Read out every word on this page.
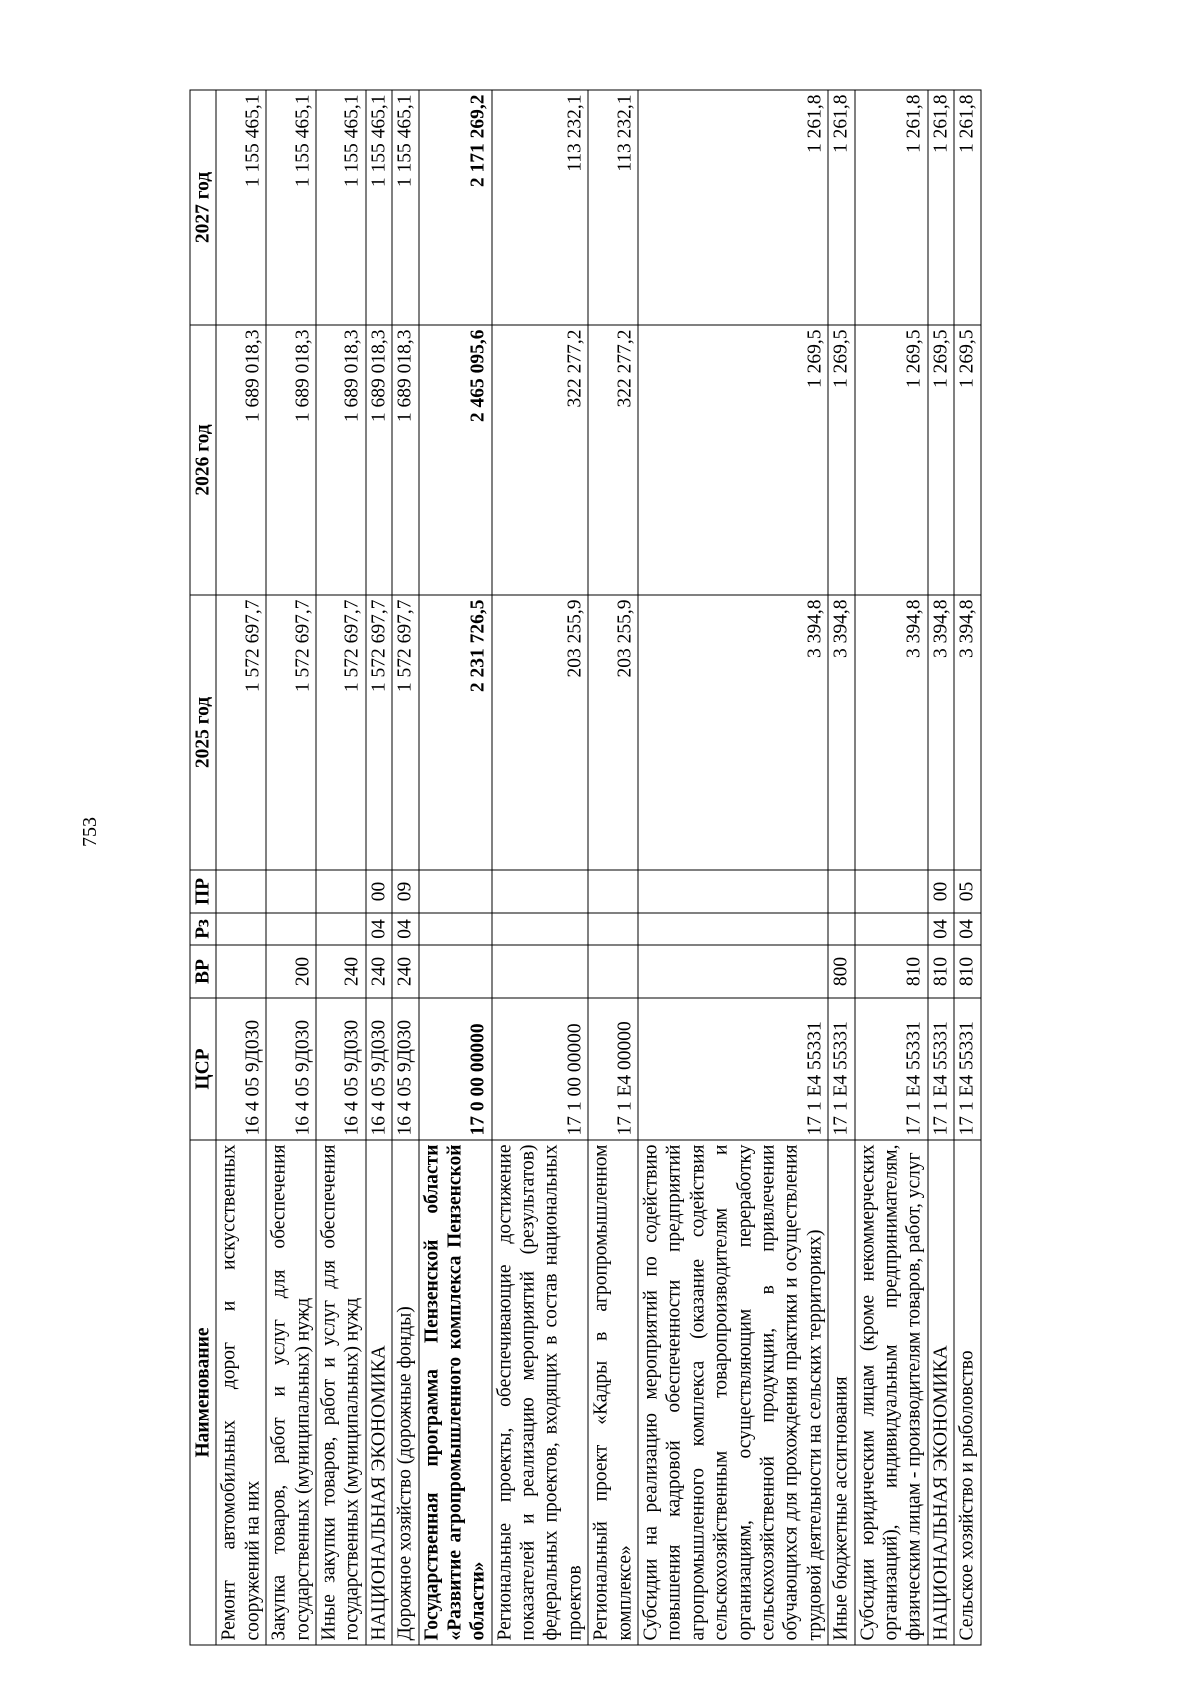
753
Наименование	ЦСР	ВР	Рз	ПР	2025 год	2026 год	2027 год
Ремонт автомобильных дорог и искусственных сооружений на них	16 4 05 9Д030				1 572 697,7	1 689 018,3	1 155 465,1
Закупка товаров, работ и услуг для обеспечения государственных (муниципальных) нужд	16 4 05 9Д030	200			1 572 697,7	1 689 018,3	1 155 465,1
Иные закупки товаров, работ и услуг для обеспечения государственных (муниципальных) нужд	16 4 05 9Д030	240			1 572 697,7	1 689 018,3	1 155 465,1
НАЦИОНАЛЬНАЯ ЭКОНОМИКА	16 4 05 9Д030	240	04	00	1 572 697,7	1 689 018,3	1 155 465,1
Дорожное хозяйство (дорожные фонды)	16 4 05 9Д030	240	04	09	1 572 697,7	1 689 018,3	1 155 465,1
Государственная программа Пензенской области «Развитие агропромышленного комплекса Пензенской области»	17 0 00 00000				2 231 726,5	2 465 095,6	2 171 269,2
Региональные проекты, обеспечивающие достижение показателей и реализацию мероприятий (результатов) федеральных проектов, входящих в состав национальных проектов	17 1 00 00000				203 255,9	322 277,2	113 232,1
Региональный проект «Кадры в агропромышленном комплексе»	17 1 Е4 00000				203 255,9	322 277,2	113 232,1
Субсидии на реализацию мероприятий по содействию повышения кадровой обеспеченности предприятий агропромышленного комплекса (оказание содействия сельскохозяйственным товаропроизводителям и организациям, осуществляющим переработку сельскохозяйственной продукции, в привлечении обучающихся для прохождения практики и осуществления трудовой деятельности на сельских территориях)	17 1 Е4 55331				3 394,8	1 269,5	1 261,8
Иные бюджетные ассигнования	17 1 Е4 55331	800			3 394,8	1 269,5	1 261,8
Субсидии юридическим лицам (кроме некоммерческих организаций), индивидуальным предпринимателям, физическим лицам - производителям товаров, работ, услуг	17 1 Е4 55331	810			3 394,8	1 269,5	1 261,8
НАЦИОНАЛЬНАЯ ЭКОНОМИКА	17 1 Е4 55331	810	04	00	3 394,8	1 269,5	1 261,8
Сельское хозяйство и рыболовство	17 1 Е4 55331	810	04	05	3 394,8	1 269,5	1 261,8
